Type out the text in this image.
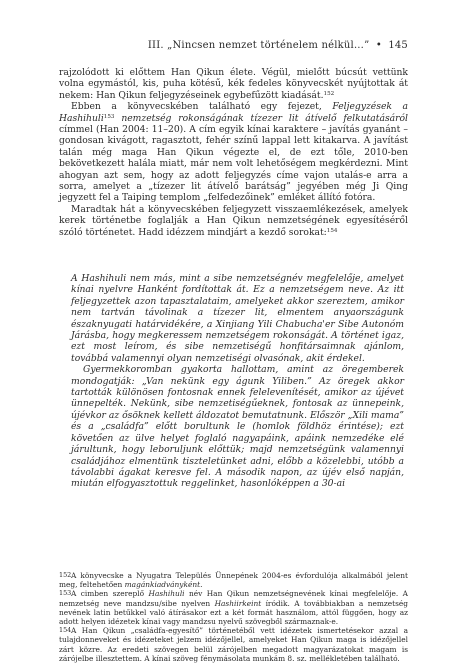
III. „Nincsen nemzet történelem nélkül…” • 145

rajzolódott ki előttem Han Qikun élete. Végül, mielőtt búcsút vettünk volna egymástól, kis, puha kötésű, kék fedeles könyvecskét nyújtottak át nekem: Han Qikun feljegyzéseinek egybefűzött kiadását.$^{152}$

Ebben a könyvecskében található egy fejezet, Feljegyzések a Hashihuli$^{153}$ nemzetség rokonságának tízezer lit átívelő felkutatásáról címmel (Han 2004: 11–20). A cím egyik kínai karaktere – javítás gyanánt – gondosan kivágott, ragasztott, fehér színű lappal lett kitakarva. A javítást talán még maga Han Qikun végezte el, de ezt tőle, 2010-ben bekövetkezett halála miatt, már nem volt lehetőségem megkérdezni. Mint ahogyan azt sem, hogy az adott feljegyzés címe vajon utalás-e arra a sorra, amelyet a „tízezer lit átívelő barátság” jegyében még Ji Qing jegyzett fel a Taiping templom „felfedezőinek” emléket állító fotóra.

Maradtak hát a könyvecskében feljegyzett visszaemlékezések, amelyek kerek történetbe foglalják a Han Qikun nemzetségének egyesítéséről szóló történetet. Hadd idézzem mindjárt a kezdő sorokat:$^{154}$

A Hashihuli nem más, mint a sibe nemzetségnév megfelelője, amelyet kínai nyelvre Hanként fordítottak át. Ez a nemzetségem neve. Az itt feljegyzettek azon tapasztalataim, amelyeket akkor szereztem, amikor nem tartván távolinak a tízezer lit, elmentem anyaországunk északnyugati határvidékére, a Xinjiang Yili Chabucha'er Sibe Autonóm Járásba, hogy megkeressem nemzetségem rokonságát. A történet igaz, ezt most leírom, és sibe nemzetiségű honfitársaimnak ajánlom, továbbá valamennyi olyan nemzetiségi olvasónak, akit érdekel.

Gyermekkoromban gyakorta hallottam, amint az öregemberek mondogatják: „Van nekünk egy águnk Yiliben.” Az öregek akkor tartották különösen fontosnak ennek felelevenítését, amikor az újévet ünnepelték. Nekünk, sibe nemzetiségűeknek, fontosak az ünnepeink, újévkor az ősöknek kellett áldozatot bemutatnunk. Először „Xili mama” és a „családfa” előtt borultunk le (homlok földhöz érintése); ezt követően az ülve helyet foglaló nagyapáink, apáink nemzedéke elé járultunk, hogy leboruljunk előttük; majd nemzetségünk valamennyi családjához elmentünk tiszteletünket adni, előbb a közelebbi, utóbb a távolabbi ágakat keresve fel. A második napon, az újév első napján, miután elfogyasztottuk reggelinket, hasonlóképpen a 30-ai

152A könyvecske a Nyugatra Település Ünnepének 2004-es évfordulója alkalmából jelent meg, feltehetően magánkiadványként.

153A cimben szereplő Hashihuli név Han Qikun nemzetségnevének kínai megfelelője. A nemzetség neve mandzsu/sibe nyelven Hashiirkeint íródik. A továbbiakban a nemzetség nevének latin betűkkel való átírásakor ezt a két formát használom, attól függően, hogy az adott helyen idézetek kínai vagy mandzsu nyelvű szövegből származnak-e.

154A Han Qikun „családfa-egyesítő” történetéből vett idézetek ismertetésekor azzal a tulajdonneveket és idézeteket jelzem idézőjellel, amelyeket Han Qikun maga is idézőjellel zárt közre. Az eredeti szövegen belül zárójelben megadott magyarázatokat magam is zárójelbe illesztettem. A kínai szöveg fénymásolata munkám 8. sz. mellékletében található.
